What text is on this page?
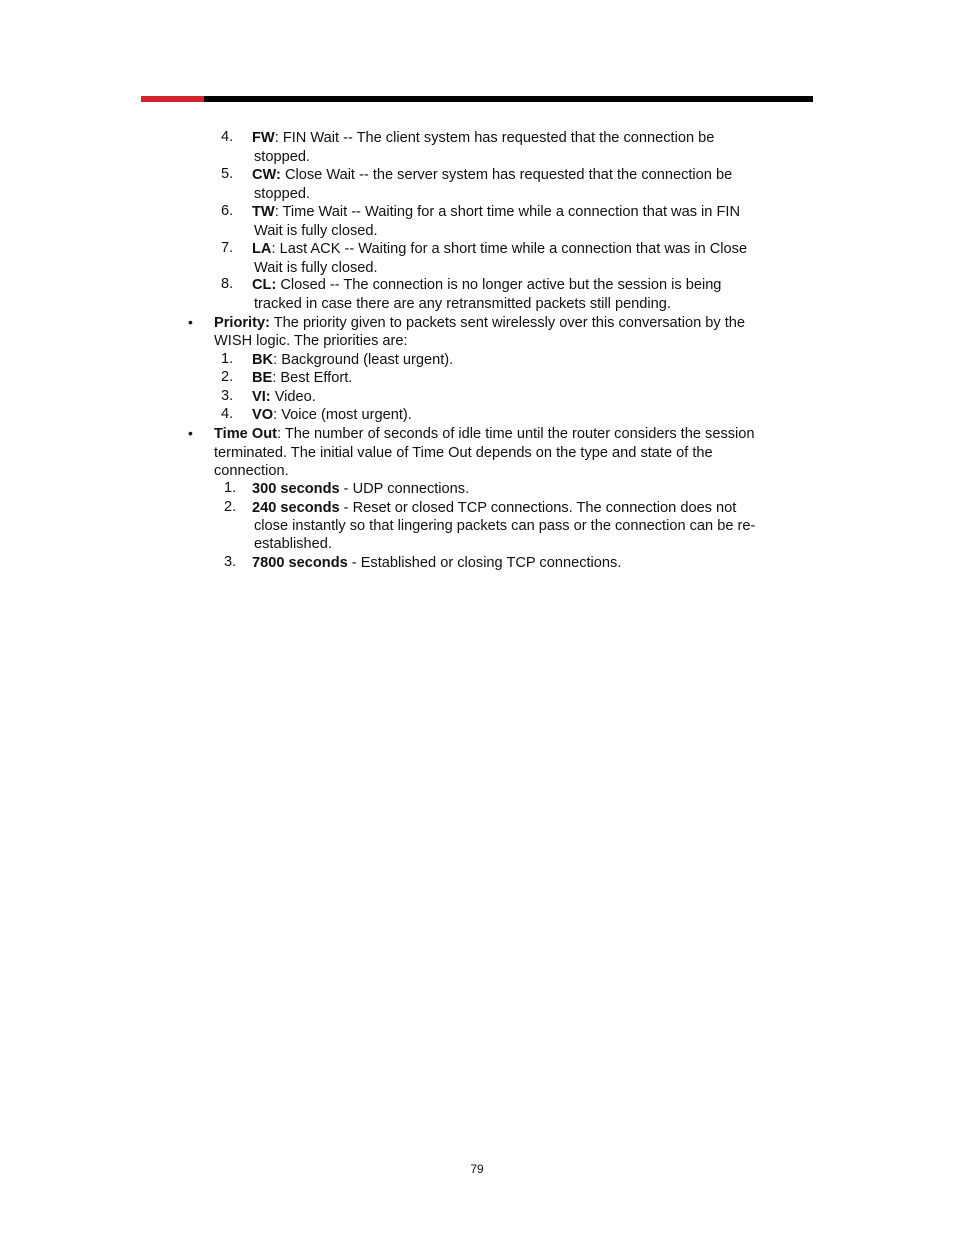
4.	FW: FIN Wait -- The client system has requested that the connection be
stopped.
5.	CW: Close Wait -- the server system has requested that the connection be
stopped.
6.	TW: Time Wait -- Waiting for a short time while a connection that was in FIN
Wait is fully closed.
7.	LA: Last ACK -- Waiting for a short time while a connection that was in Close
Wait is fully closed.
8.	CL: Closed -- The connection is no longer active but the session is being
tracked in case there are any retransmitted packets still pending.
• Priority: The priority given to packets sent wirelessly over this conversation by the
WISH logic. The priorities are:
1.	BK: Background (least urgent).
2.	BE: Best Effort.
3.	VI: Video.
4.	VO: Voice (most urgent).
• Time Out: The number of seconds of idle time until the router considers the session
terminated. The initial value of Time Out depends on the type and state of the
connection.
1.	300 seconds - UDP connections.
2.	240 seconds - Reset or closed TCP connections. The connection does not
close instantly so that lingering packets can pass or the connection can be re-
established.
3.	7800 seconds - Established or closing TCP connections.
79
